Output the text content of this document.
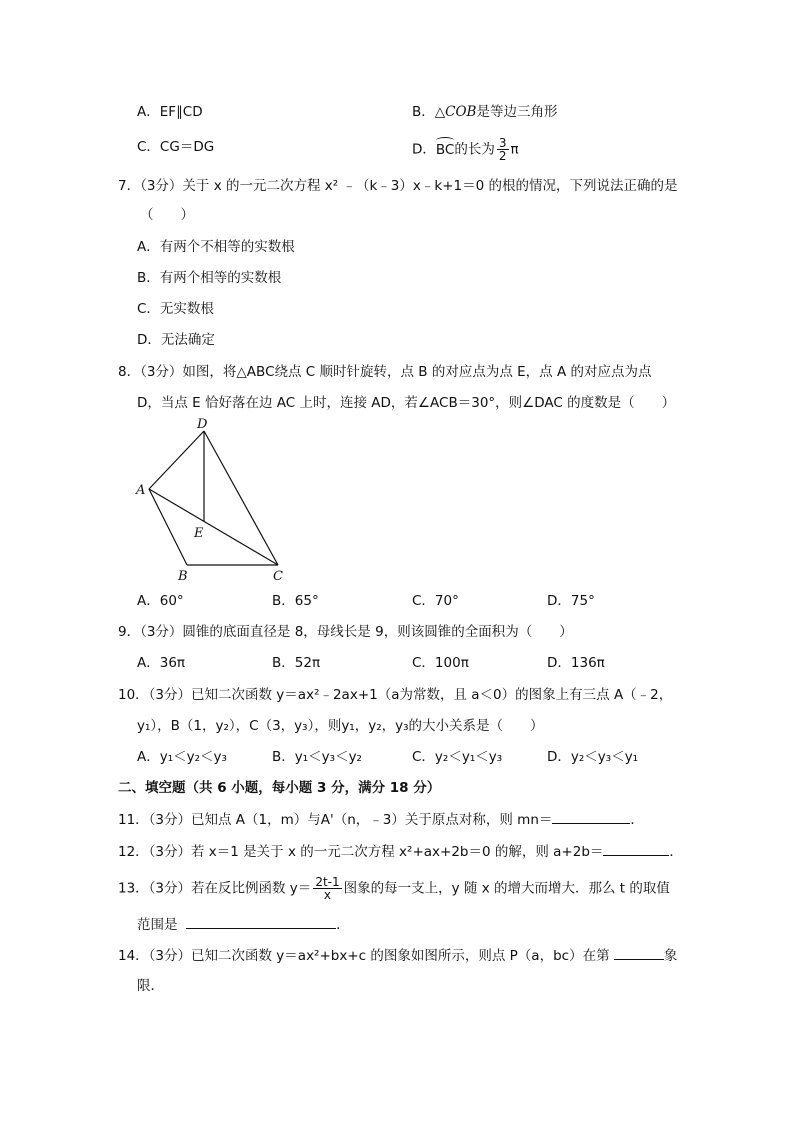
A．EF∥CD	B．△COB是等边三角形
C．CG＝DG	D．BC的长为 $\frac{3}{2}$ π
7．（3分）关于 x 的一元二次方程 x² ﹣（k﹣3）x﹣k+1＝0 的根的情况，下列说法正确的是
（　　）
A．有两个不相等的实数根
B．有两个相等的实数根
C．无实数根
D．无法确定
8．（3分）如图，将△ABC绕点 C 顺时针旋转，点 B 的对应点为点 E，点 A 的对应点为点
D，当点 E 恰好落在边 AC 上时，连接 AD，若∠ACB＝30°，则∠DAC 的度数是（　　）
D
A
E
B	C
A．60°	B．65°	C．70°	D．75°
9．（3分）圆锥的底面直径是 8，母线长是 9，则该圆锥的全面积为（　　）
A．36π	B．52π	C．100π	D．136π
10．（3分）已知二次函数 y＝ax²﹣2ax+1（a为常数，且 a＜0）的图象上有三点 A（﹣2，
y₁），B（1，y₂），C（3，y₃），则y₁，y₂，y₃的大小关系是（　　）
A．y₁＜y₂＜y₃	B．y₁＜y₃＜y₂	C．y₂＜y₁＜y₃	D．y₂＜y₃＜y₁
二、填空题（共 6 小题，每小题 3 分，满分 18 分）
11．（3分）已知点 A（1，m）与A'（n，﹣3）关于原点对称，则 mn＝	．
12．（3分）若 x＝1 是关于 x 的一元二次方程 x²+ax+2b＝0 的解，则 a+2b＝	．
13．（3分）若在反比例函数 $y= \frac{2t-1}{x}$ 图象的每一支上，y 随 x 的增大而增大．那么 t 的取值
范围是	．
14．（3分）已知二次函数 y＝ax²+bx+c 的图象如图所示，则点 P（a，bc）在第	象
限．
